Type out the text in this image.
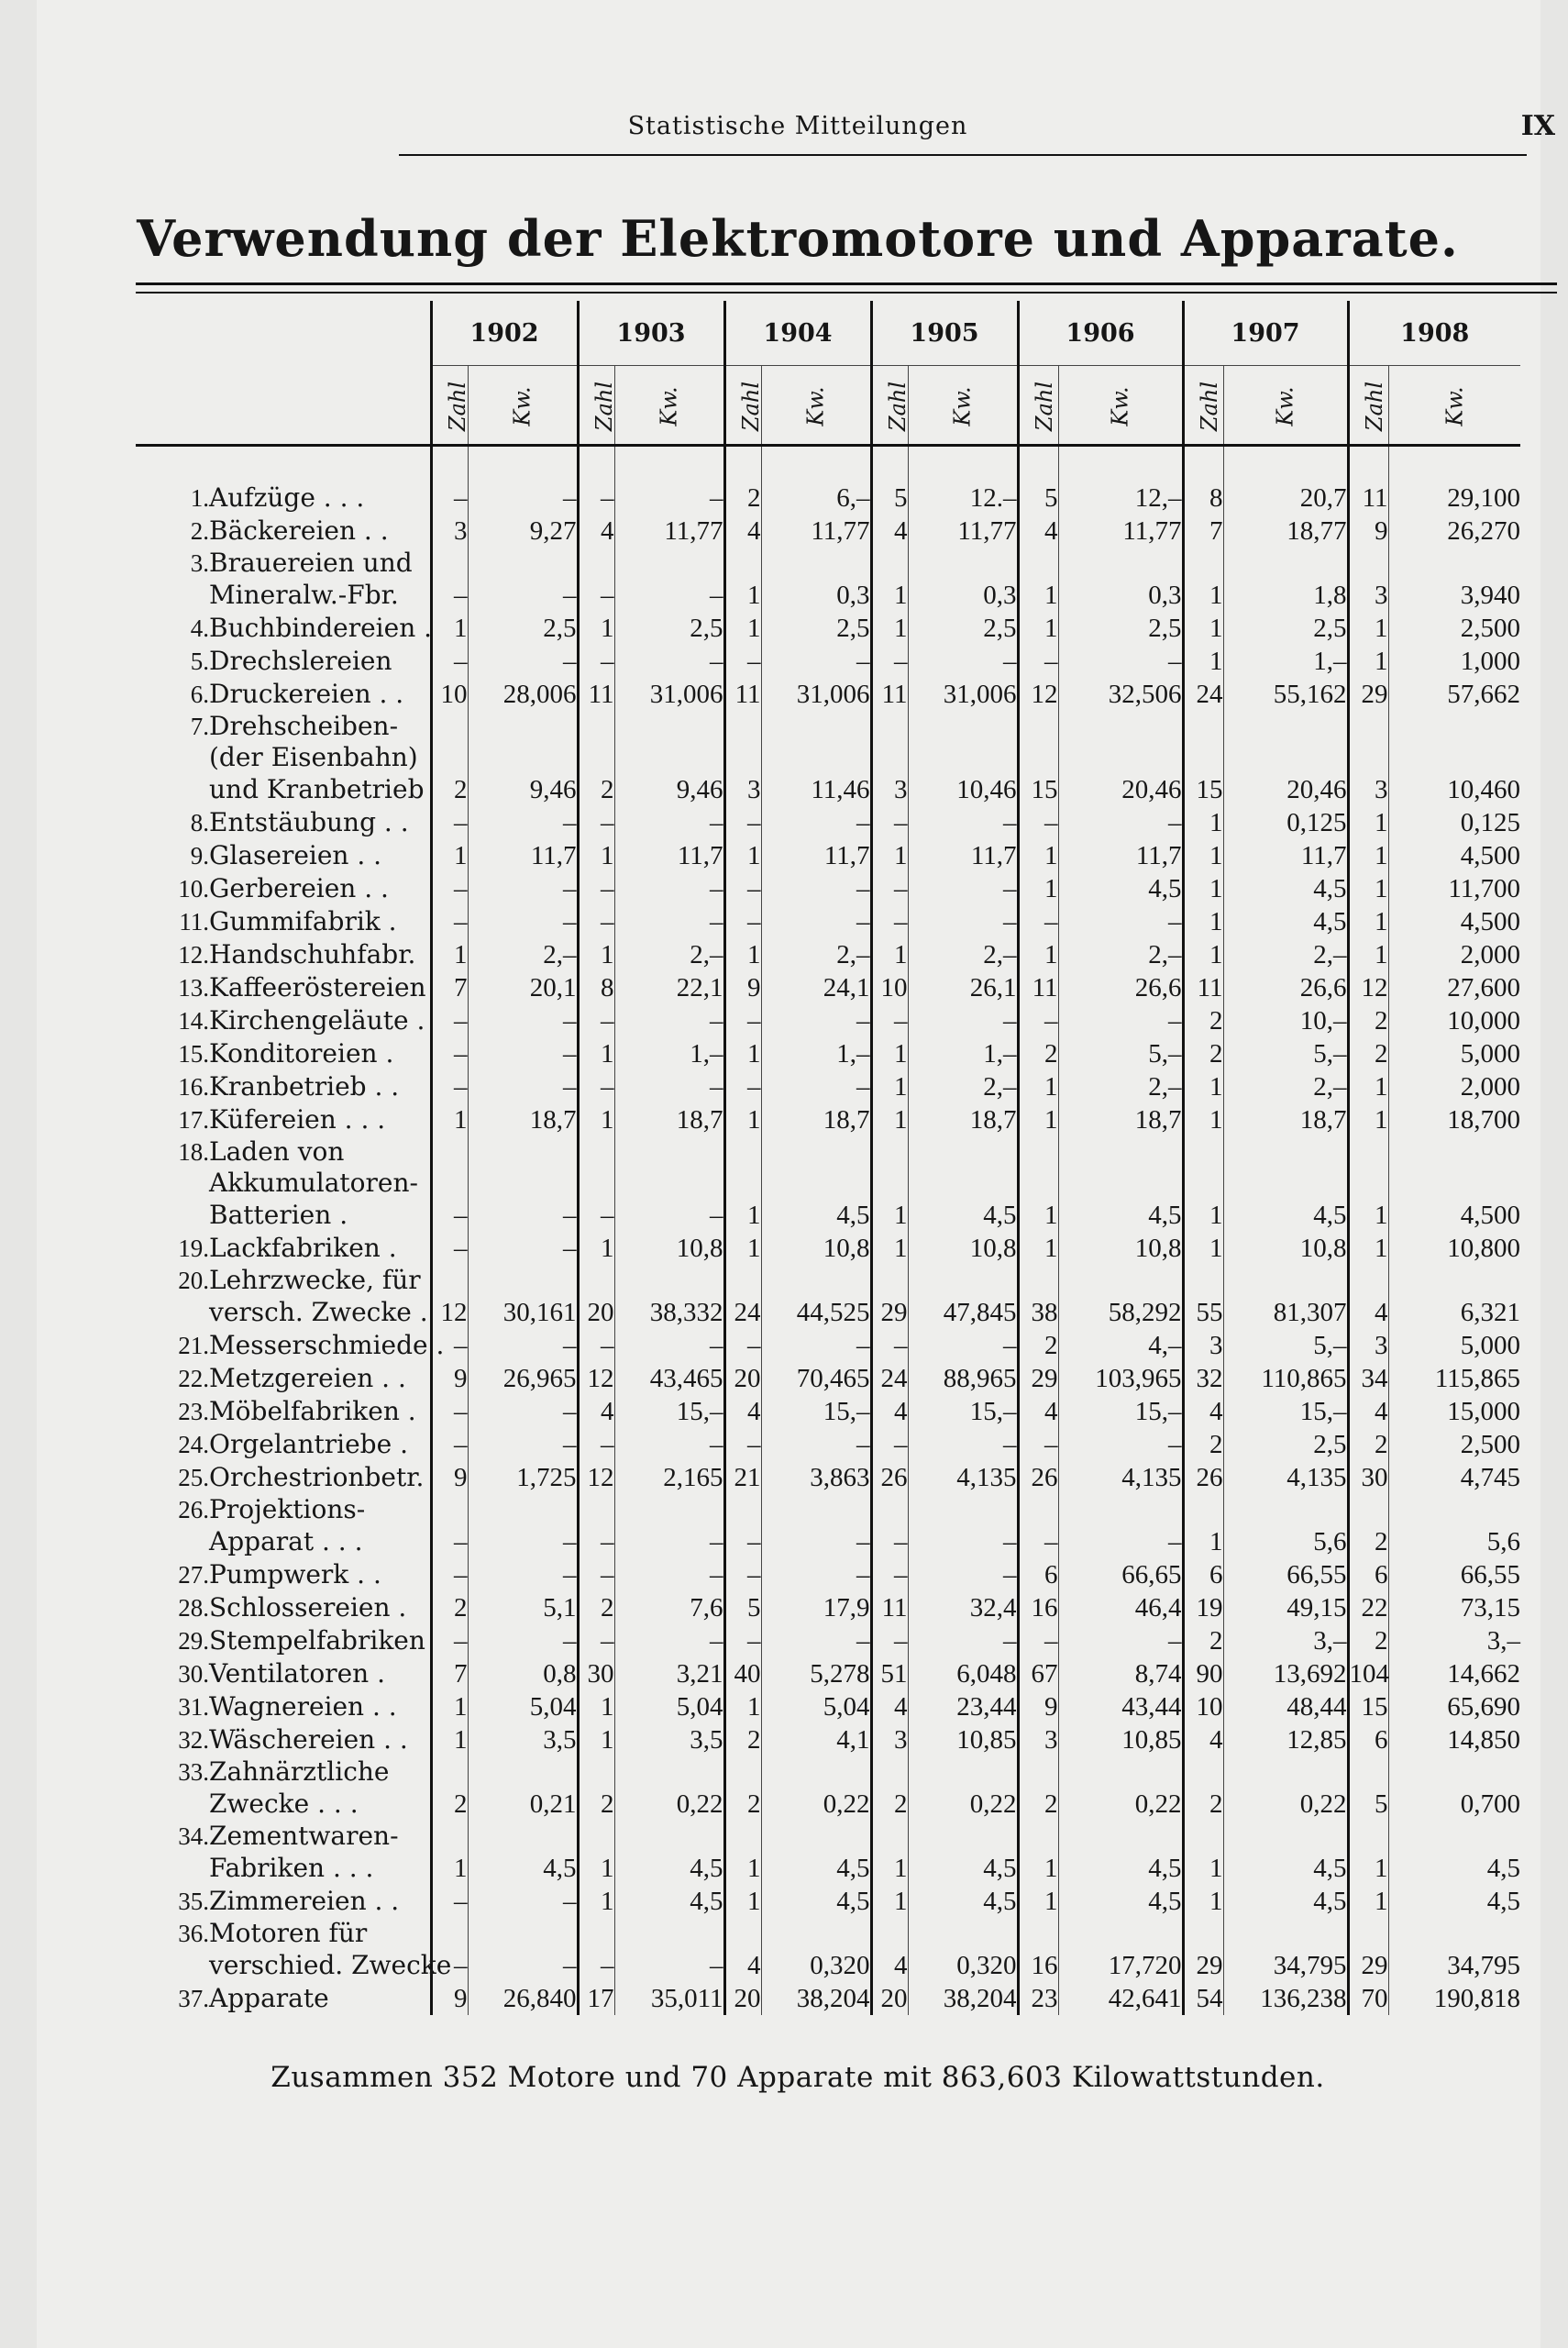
Statistische Mitteilungen	IX
Verwendung der Elektromotore und Apparate.
		1902		1903		1904		1905		1906		1907		1908	
		Zahl	Kw.	Zahl	Kw.	Zahl	Kw.	Zahl	Kw.	Zahl	Kw.	Zahl	Kw.	Zahl	Kw.

1.	Aufzüge . . .	–	–	–	–	2	6,–	5	12.–	5	12,–	8	20,7	11	29,100
2.	Bäckereien . .	3	9,27	4	11,77	4	11,77	4	11,77	4	11,77	7	18,77	9	26,270
3.	Brauereien und														
	Mineralw.-Fbr.	–	–	–	–	1	0,3	1	0,3	1	0,3	1	1,8	3	3,940
4.	Buchbindereien .	1	2,5	1	2,5	1	2,5	1	2,5	1	2,5	1	2,5	1	2,500
5.	Drechslereien	–	–	–	–	–	–	–	–	–	–	1	1,–	1	1,000
6.	Druckereien . .	10	28,006	11	31,006	11	31,006	11	31,006	12	32,506	24	55,162	29	57,662
7.	Drehscheiben-														
	(der Eisenbahn)														
	und Kranbetrieb	2	9,46	2	9,46	3	11,46	3	10,46	15	20,46	15	20,46	3	10,460
8.	Entstäubung . .	–	–	–	–	–	–	–	–	–	–	1	0,125	1	0,125
9.	Glasereien . .	1	11,7	1	11,7	1	11,7	1	11,7	1	11,7	1	11,7	1	4,500
10.	Gerbereien . .	–	–	–	–	–	–	–	–	1	4,5	1	4,5	1	11,700
11.	Gummifabrik .	–	–	–	–	–	–	–	–	–	–	1	4,5	1	4,500
12.	Handschuhfabr.	1	2,–	1	2,–	1	2,–	1	2,–	1	2,–	1	2,–	1	2,000
13.	Kaffeeröstereien	7	20,1	8	22,1	9	24,1	10	26,1	11	26,6	11	26,6	12	27,600
14.	Kirchengeläute .	–	–	–	–	–	–	–	–	–	–	2	10,–	2	10,000
15.	Konditoreien .	–	–	1	1,–	1	1,–	1	1,–	2	5,–	2	5,–	2	5,000
16.	Kranbetrieb . .	–	–	–	–	–	–	1	2,–	1	2,–	1	2,–	1	2,000
17.	Küfereien . . .	1	18,7	1	18,7	1	18,7	1	18,7	1	18,7	1	18,7	1	18,700
18.	Laden von														
	Akkumulatoren-														
	Batterien .	–	–	–	–	1	4,5	1	4,5	1	4,5	1	4,5	1	4,500
19.	Lackfabriken .	–	–	1	10,8	1	10,8	1	10,8	1	10,8	1	10,8	1	10,800
20.	Lehrzwecke, für														
	versch. Zwecke .	12	30,161	20	38,332	24	44,525	29	47,845	38	58,292	55	81,307	4	6,321
21.	Messerschmiede .	–	–	–	–	–	–	–	–	2	4,–	3	5,–	3	5,000
22.	Metzgereien . .	9	26,965	12	43,465	20	70,465	24	88,965	29	103,965	32	110,865	34	115,865
23.	Möbelfabriken .	–	–	4	15,–	4	15,–	4	15,–	4	15,–	4	15,–	4	15,000
24.	Orgelantriebe .	–	–	–	–	–	–	–	–	–	–	2	2,5	2	2,500
25.	Orchestrionbetr.	9	1,725	12	2,165	21	3,863	26	4,135	26	4,135	26	4,135	30	4,745
26.	Projektions-														
	Apparat . . .	–	–	–	–	–	–	–	–	–	–	1	5,6	2	5,6
27.	Pumpwerk . .	–	–	–	–	–	–	–	–	6	66,65	6	66,55	6	66,55
28.	Schlossereien .	2	5,1	2	7,6	5	17,9	11	32,4	16	46,4	19	49,15	22	73,15
29.	Stempelfabriken	–	–	–	–	–	–	–	–	–	–	2	3,–	2	3,–
30.	Ventilatoren .	7	0,8	30	3,21	40	5,278	51	6,048	67	8,74	90	13,692	104	14,662
31.	Wagnereien . .	1	5,04	1	5,04	1	5,04	4	23,44	9	43,44	10	48,44	15	65,690
32.	Wäschereien . .	1	3,5	1	3,5	2	4,1	3	10,85	3	10,85	4	12,85	6	14,850
33.	Zahnärztliche														
	Zwecke . . .	2	0,21	2	0,22	2	0,22	2	0,22	2	0,22	2	0,22	5	0,700
34.	Zementwaren-														
	Fabriken . . .	1	4,5	1	4,5	1	4,5	1	4,5	1	4,5	1	4,5	1	4,5
35.	Zimmereien . .	–	–	1	4,5	1	4,5	1	4,5	1	4,5	1	4,5	1	4,5
36.	Motoren für														
	verschied. Zwecke	–	–	–	–	4	0,320	4	0,320	16	17,720	29	34,795	29	34,795
37.	Apparate	9	26,840	17	35,011	20	38,204	20	38,204	23	42,641	54	136,238	70	190,818
Zusammen 352 Motore und 70 Apparate mit 863,603 Kilowattstunden.
